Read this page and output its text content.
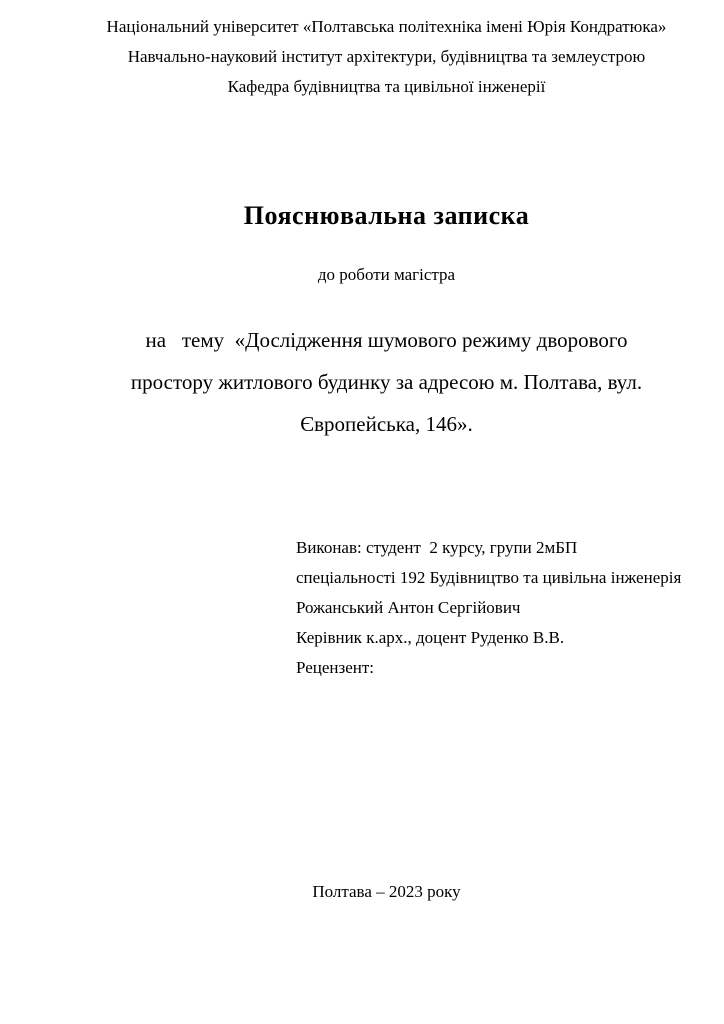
Національний університет «Полтавська політехніка імені Юрія Кондратюка»
Навчально-науковий інститут архітектури, будівництва та землеустрою
Кафедра будівництва та цивільної інженерії
Пояснювальна записка
до роботи магістра
на   тему  «Дослідження шумового режиму дворового
простору житлового будинку за адресою м. Полтава, вул.
Європейська, 146».
Виконав: студент  2 курсу, групи 2мБП
спеціальності 192 Будівництво та цивільна інженерія
Рожанський Антон Сергійович
Керівник к.арх., доцент Руденко В.В.
Рецензент:
Полтава – 2023 року
